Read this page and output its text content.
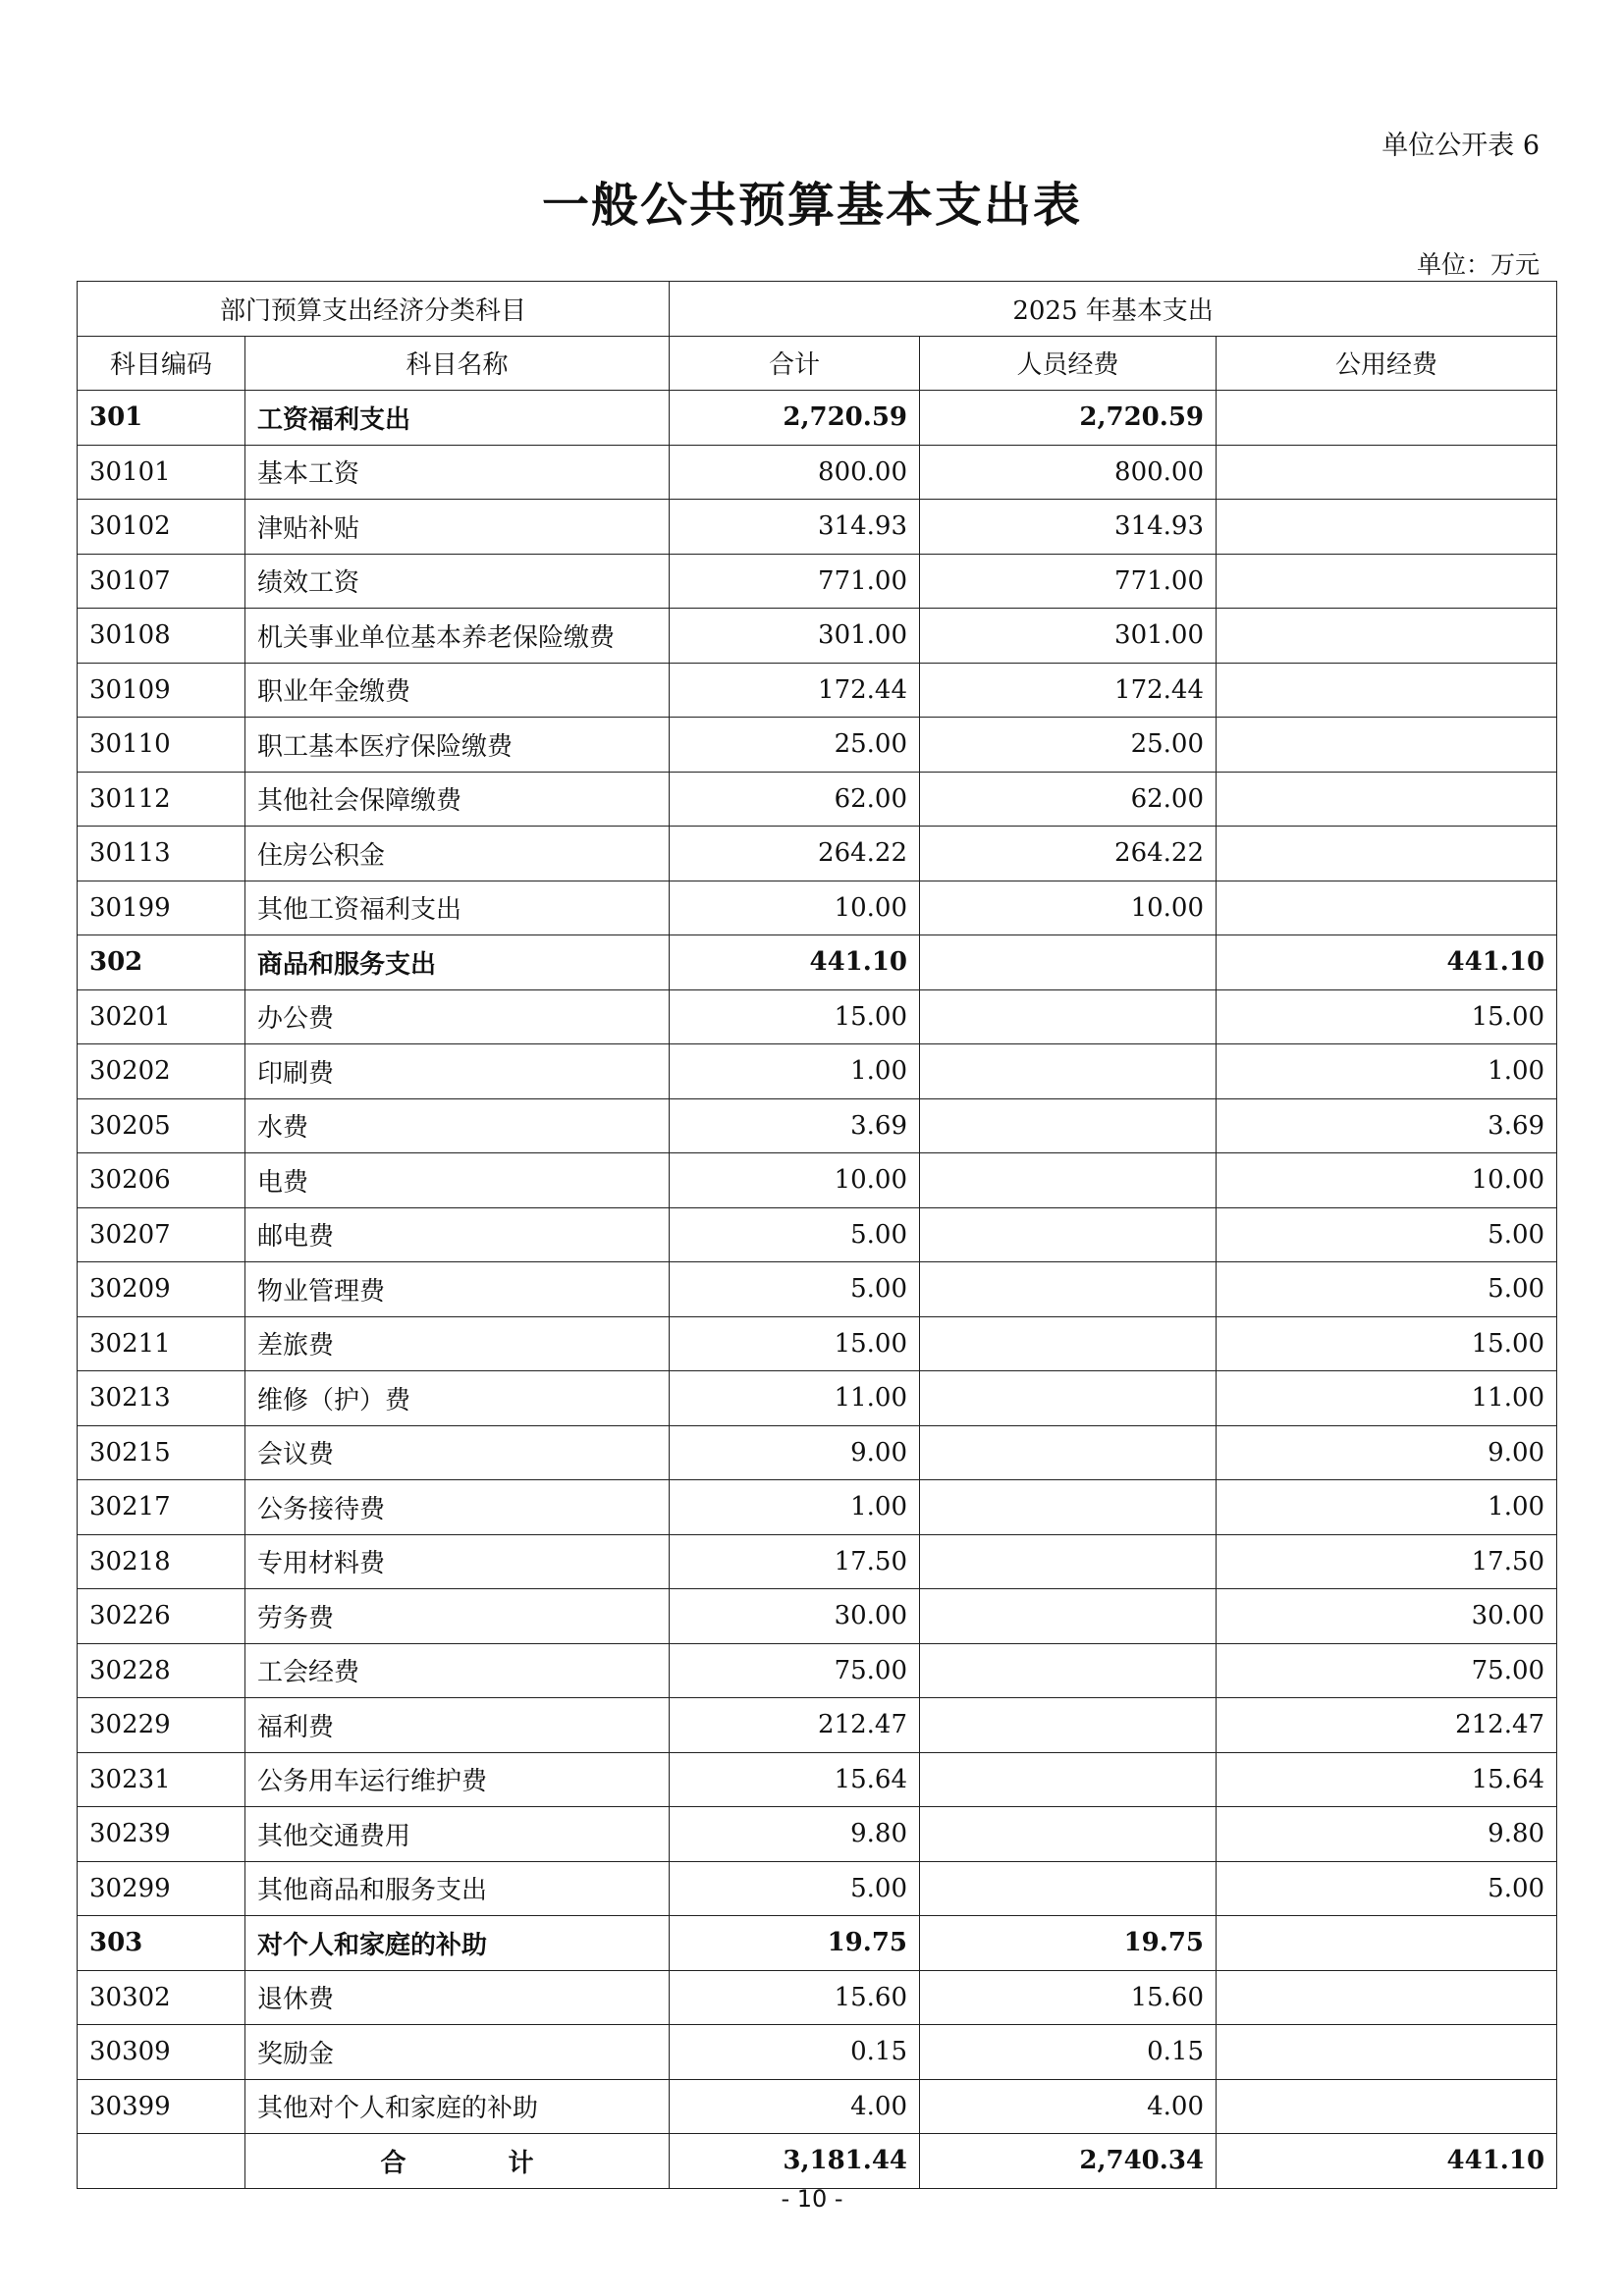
单位公开表 6
一般公共预算基本支出表
单位：万元
部门预算支出经济分类科目		2025 年基本支出		
科目编码	科目名称	合计	人员经费	公用经费
301	工资福利支出	2,720.59	2,720.59	
30101	基本工资	800.00	800.00	
30102	津贴补贴	314.93	314.93	
30107	绩效工资	771.00	771.00	
30108	机关事业单位基本养老保险缴费	301.00	301.00	
30109	职业年金缴费	172.44	172.44	
30110	职工基本医疗保险缴费	25.00	25.00	
30112	其他社会保障缴费	62.00	62.00	
30113	住房公积金	264.22	264.22	
30199	其他工资福利支出	10.00	10.00	
302	商品和服务支出	441.10		441.10
30201	办公费	15.00		15.00
30202	印刷费	1.00		1.00
30205	水费	3.69		3.69
30206	电费	10.00		10.00
30207	邮电费	5.00		5.00
30209	物业管理费	5.00		5.00
30211	差旅费	15.00		15.00
30213	维修（护）费	11.00		11.00
30215	会议费	9.00		9.00
30217	公务接待费	1.00		1.00
30218	专用材料费	17.50		17.50
30226	劳务费	30.00		30.00
30228	工会经费	75.00		75.00
30229	福利费	212.47		212.47
30231	公务用车运行维护费	15.64		15.64
30239	其他交通费用	9.80		9.80
30299	其他商品和服务支出	5.00		5.00
303	对个人和家庭的补助	19.75	19.75	
30302	退休费	15.60	15.60	
30309	奖励金	0.15	0.15	
30399	其他对个人和家庭的补助	4.00	4.00	
	合　　　　计	3,181.44	2,740.34	441.10
- 10 -
